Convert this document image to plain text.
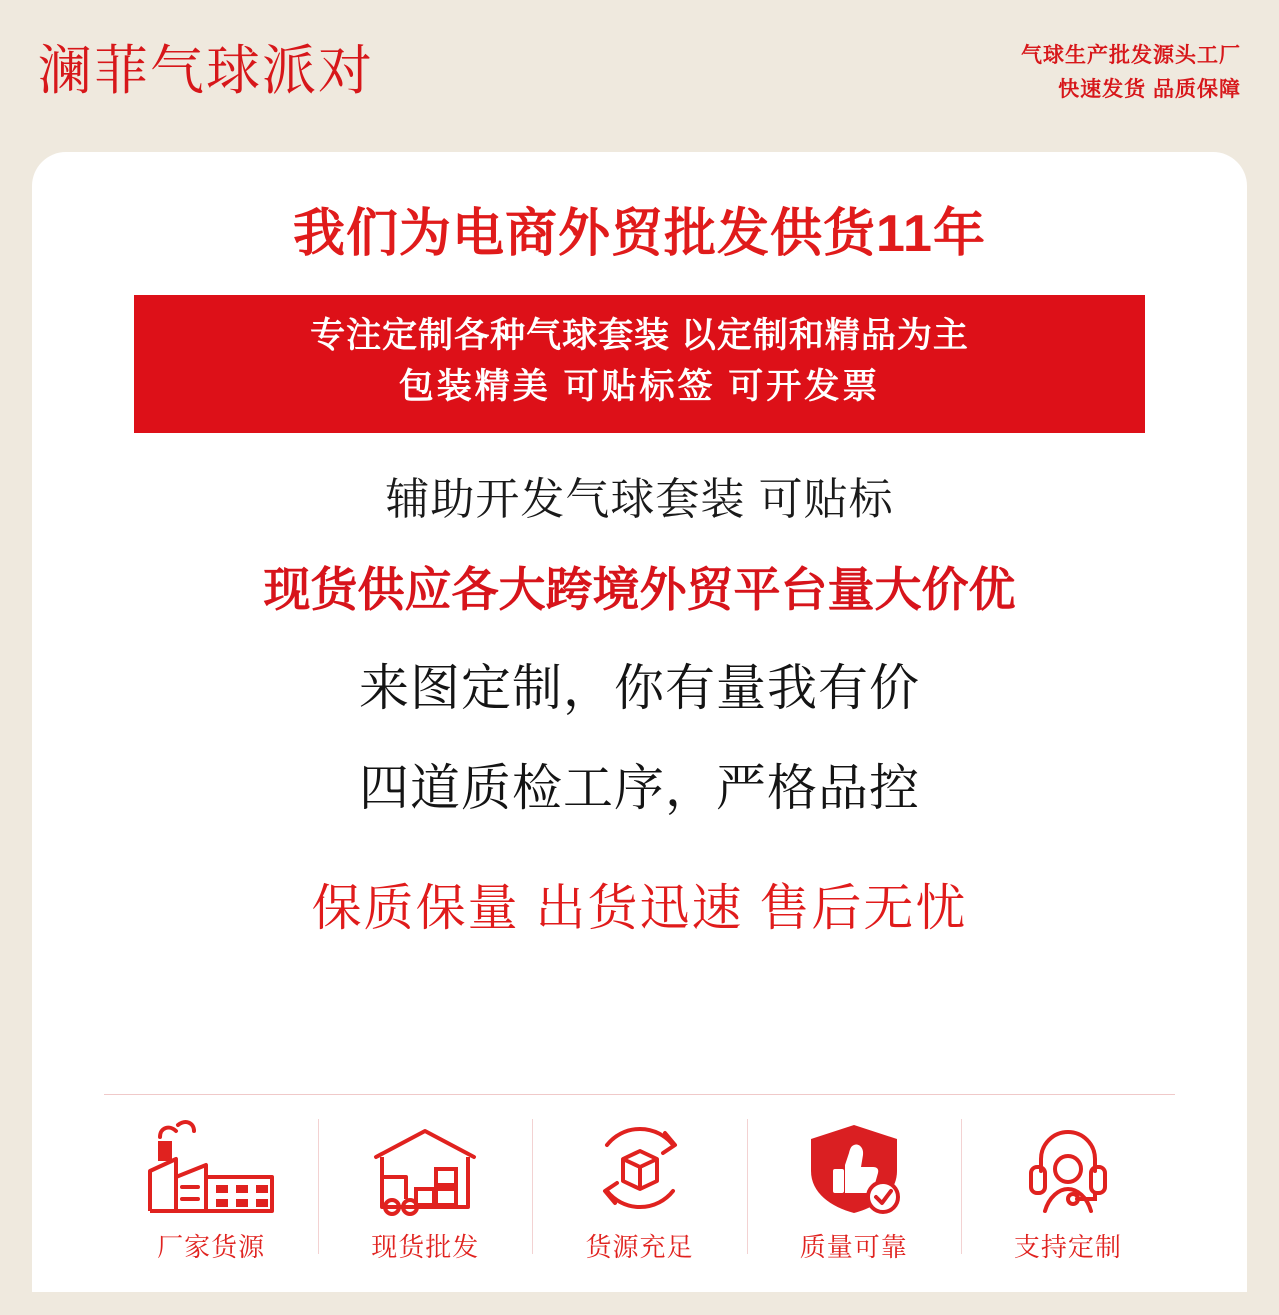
澜菲气球派对	气球生产批发源头工厂
快速发货 品质保障
我们为电商外贸批发供货11年
专注定制各种气球套装 以定制和精品为主
包装精美 可贴标签 可开发票
辅助开发气球套装 可贴标
现货供应各大跨境外贸平台量大价优
来图定制，你有量我有价
四道质检工序，严格品控
保质保量 出货迅速 售后无忧
厂家货源	现货批发	货源充足	质量可靠	支持定制
